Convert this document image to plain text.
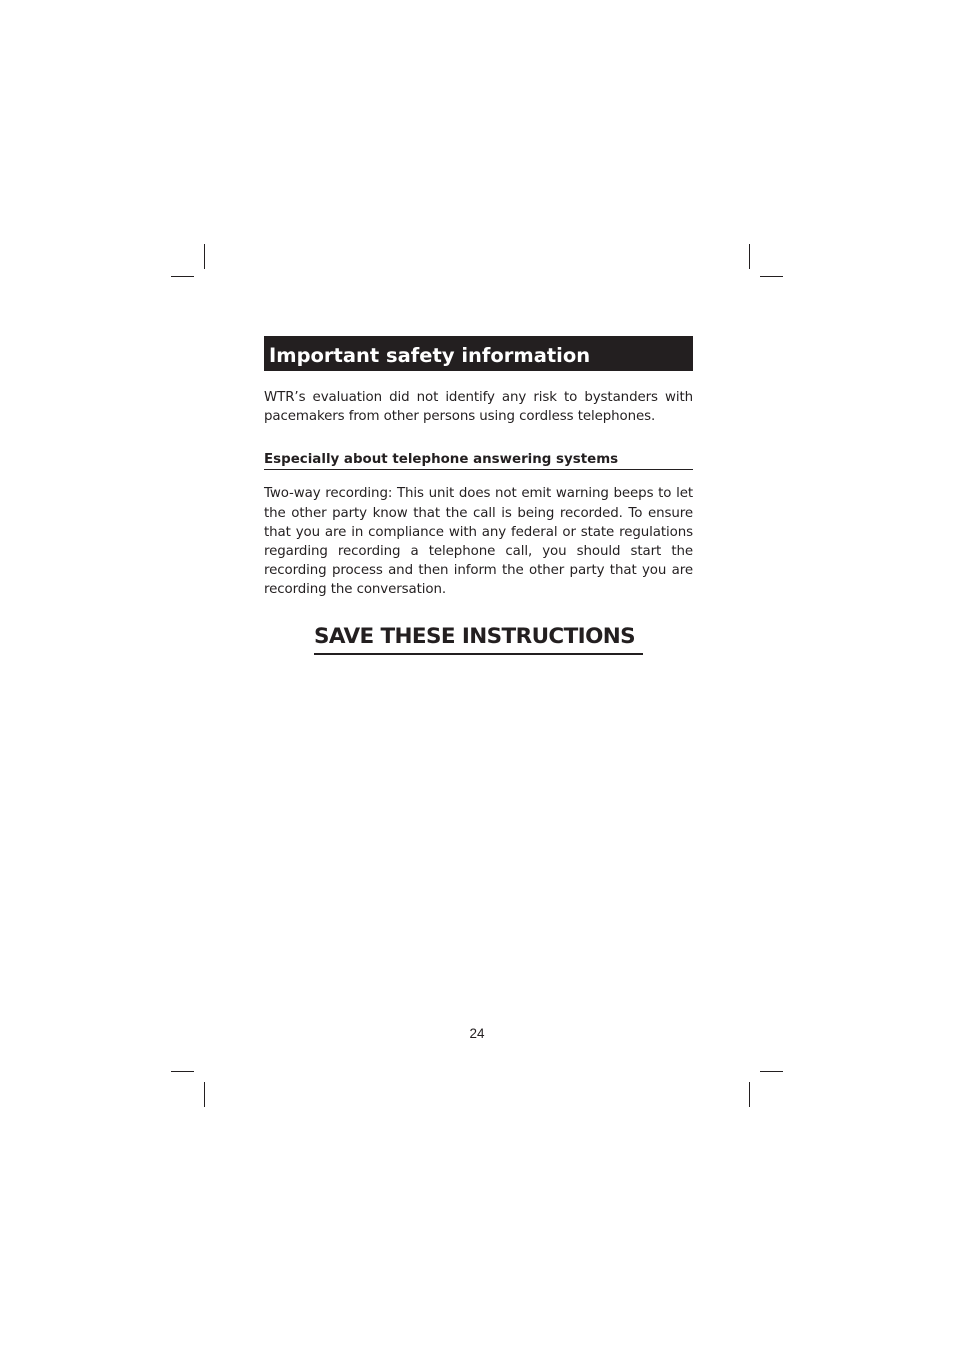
Important safety information

WTR’s evaluation did not identify any risk to bystanders with pacemakers from other persons using cordless telephones.

Especially about telephone answering systems

Two-way recording: This unit does not emit warning beeps to let the other party know that the call is being recorded. To ensure that you are in compliance with any federal or state regulations regarding recording a telephone call, you should start the recording process and then inform the other party that you are recording the conversation.

SAVE THESE INSTRUCTIONS
24
